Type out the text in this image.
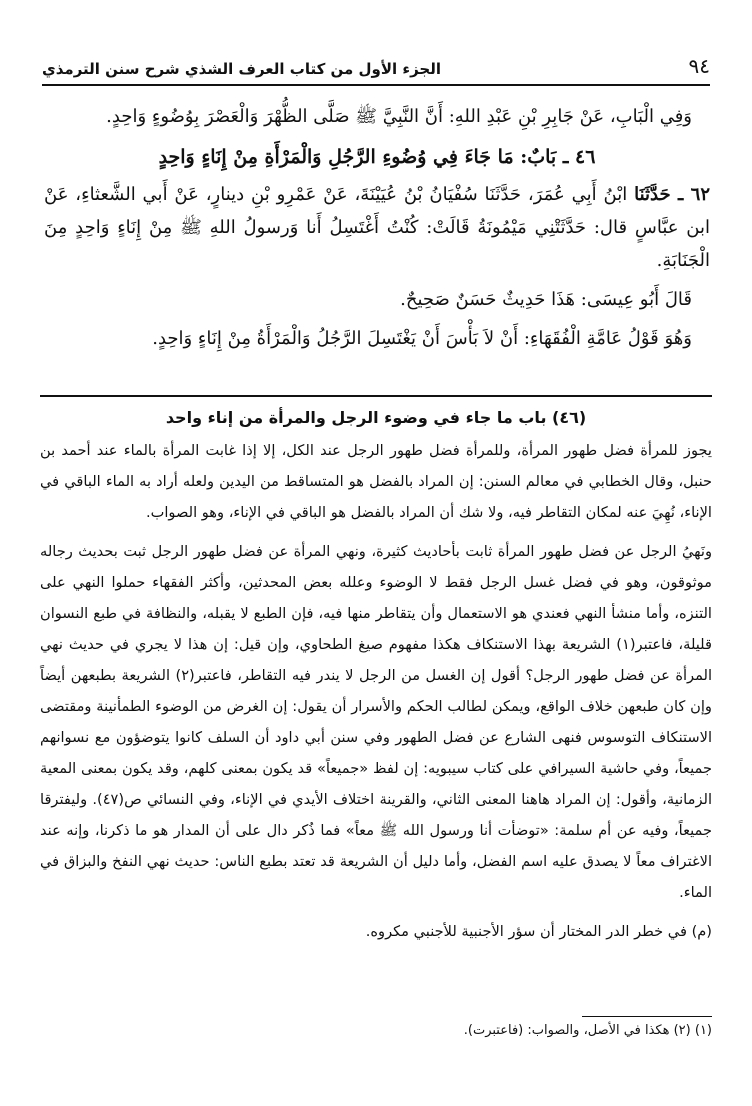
٩٤
الجزء الأول من كتاب العرف الشذي شرح سنن الترمذي

وَفِي الْبَابِ، عَنْ جَابِرِ بْنِ عَبْدِ اللهِ: أَنَّ النَّبِيَّ ﷺ صَلَّى الظُّهْرَ وَالْعَصْرَ بِوُضُوءٍ وَاحِدٍ.

٤٦ ـ بَابٌ: مَا جَاءَ فِي وُضُوءِ الرَّجُلِ وَالْمَرْأَةِ مِنْ إِنَاءٍ وَاحِدٍ

٦٢ ـ حَدَّثَنَا ابْنُ أَبِي عُمَرَ، حَدَّثَنَا سُفْيَانُ بْنُ عُيَيْنَةَ، عَنْ عَمْرِو بْنِ دينارٍ، عَنْ أَبي الشَّعثاءِ، عَنْ ابن عبَّاسٍ قال: حَدَّثَتْنِي مَيْمُونَةُ قَالَتْ: كُنْتُ أَغْتَسِلُ أَنا وَرسولُ اللهِ ﷺ مِنْ إِنَاءٍ وَاحِدٍ مِنَ الْجَنَابَةِ.

قَالَ أَبُو عِيسَى: هَذَا حَدِيثٌ حَسَنٌ صَحِيحٌ.

وَهُوَ قَوْلُ عَامَّةِ الْفُقَهَاءِ: أَنْ لاَ بَأْسَ أَنْ يَغْتَسِلَ الرَّجُلُ وَالْمَرْأَةُ مِنْ إِنَاءٍ وَاحِدٍ.

(٤٦) باب ما جاء في وضوء الرجل والمرأة من إناء واحد

يجوز للمرأة فضل طهور المرأة، وللمرأة فضل طهور الرجل عند الكل، إلا إذا غابت المرأة بالماء عند أحمد بن حنبل، وقال الخطابي في معالم السنن: إن المراد بالفضل هو المتساقط من اليدين ولعله أراد به الماء الباقي في الإناء، نُهِيَ عنه لمكان التقاطر فيه، ولا شك أن المراد بالفضل هو الباقي في الإناء، وهو الصواب.

ونَهيُ الرجل عن فضل طهور المرأة ثابت بأحاديث كثيرة، ونهي المرأة عن فضل طهور الرجل ثبت بحديث رجاله موثوقون، وهو في فضل غسل الرجل فقط لا الوضوء وعلله بعض المحدثين، وأكثر الفقهاء حملوا النهي على التنزه، وأما منشأ النهي فعندي هو الاستعمال وأن يتقاطر منها فيه، فإن الطبع لا يقبله، والنظافة في طبع النسوان قليلة، فاعتبر(١) الشريعة بهذا الاستنكاف هكذا مفهوم صيغ الطحاوي، وإن قيل: إن هذا لا يجري في حديث نهي المرأة عن فضل طهور الرجل؟ أقول إن الغسل من الرجل لا يندر فيه التقاطر، فاعتبر(٢) الشريعة بطبعهن أيضاً وإن كان طبعهن خلاف الواقع، ويمكن لطالب الحكم والأسرار أن يقول: إن الغرض من الوضوء الطمأنينة ومقتضى الاستنكاف التوسوس فنهى الشارع عن فضل الطهور وفي سنن أبي داود أن السلف كانوا يتوضؤون مع نسوانهم جميعاً، وفي حاشية السيرافي على كتاب سيبويه: إن لفظ «جميعاً» قد يكون بمعنى كلهم، وقد يكون بمعنى المعية الزمانية، وأقول: إن المراد هاهنا المعنى الثاني، والقرينة اختلاف الأيدي في الإناء، وفي النسائي ص(٤٧). وليفترقا جميعاً، وفيه عن أم سلمة: «توضأت أنا ورسول الله ﷺ معاً» فما ذُكر دال على أن المدار هو ما ذكرنا، وإنه عند الاغتراف معاً لا يصدق عليه اسم الفضل، وأما دليل أن الشريعة قد تعتد بطبع الناس: حديث نهي النفخ والبزاق في الماء.

(م) في خطر الدر المختار أن سؤر الأجنبية للأجنبي مكروه.

(١) (٢) هكذا في الأصل، والصواب: (فاعتبرت).
